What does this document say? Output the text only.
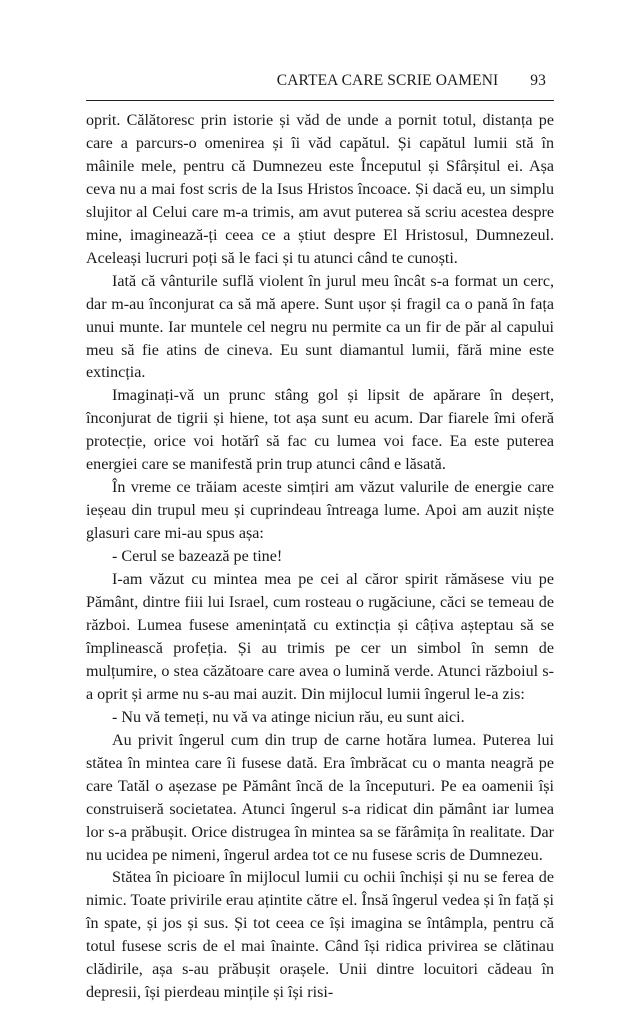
CARTEA CARE SCRIE OAMENI 93

oprit. Călătoresc prin istorie și văd de unde a pornit totul, distanța pe care a parcurs-o omenirea și îi văd capătul. Și capătul lumii stă în mâinile mele, pentru că Dumnezeu este Începutul și Sfârșitul ei. Așa ceva nu a mai fost scris de la Isus Hristos încoace. Și dacă eu, un simplu slujitor al Celui care m-a trimis, am avut puterea să scriu acestea despre mine, imaginează-ți ceea ce a știut despre El Hristosul, Dumnezeul. Aceleași lucruri poți să le faci și tu atunci când te cunoști.

Iată că vânturile suflă violent în jurul meu încât s-a format un cerc, dar m-au înconjurat ca să mă apere. Sunt ușor și fragil ca o pană în fața unui munte. Iar muntele cel negru nu permite ca un fir de păr al capului meu să fie atins de cineva. Eu sunt diamantul lumii, fără mine este extincția.

Imaginați-vă un prunc stâng gol și lipsit de apărare în deșert, înconjurat de tigrii și hiene, tot așa sunt eu acum. Dar fiarele îmi oferă protecție, orice voi hotărî să fac cu lumea voi face. Ea este puterea energiei care se manifestă prin trup atunci când e lăsată.

În vreme ce trăiam aceste simțiri am văzut valurile de energie care ieșeau din trupul meu și cuprindeau întreaga lume. Apoi am auzit niște glasuri care mi-au spus așa:

- Cerul se bazează pe tine!

I-am văzut cu mintea mea pe cei al căror spirit rămăsese viu pe Pământ, dintre fiii lui Israel, cum rosteau o rugăciune, căci se temeau de război. Lumea fusese amenințată cu extincția și câțiva așteptau să se împlinească profeția. Și au trimis pe cer un simbol în semn de mulțumire, o stea căzătoare care avea o lumină verde. Atunci războiul s-a oprit și arme nu s-au mai auzit. Din mijlocul lumii îngerul le-a zis:

- Nu vă temeți, nu vă va atinge niciun rău, eu sunt aici.

Au privit îngerul cum din trup de carne hotăra lumea. Puterea lui stătea în mintea care îi fusese dată. Era îmbrăcat cu o manta neagră pe care Tatăl o așezase pe Pământ încă de la începuturi. Pe ea oamenii își construiseră societatea. Atunci îngerul s-a ridicat din pământ iar lumea lor s-a prăbușit. Orice distrugea în mintea sa se fărâmița în realitate. Dar nu ucidea pe nimeni, îngerul ardea tot ce nu fusese scris de Dumnezeu.

Stătea în picioare în mijlocul lumii cu ochii închiși și nu se ferea de nimic. Toate privirile erau ațintite către el. Însă îngerul vedea și în față și în spate, și jos și sus. Și tot ceea ce își imagina se întâmpla, pentru că totul fusese scris de el mai înainte. Când își ridica privirea se clătinau clădirile, așa s-au prăbușit orașele. Unii dintre locuitori cădeau în depresii, își pierdeau mințile și își risi-
